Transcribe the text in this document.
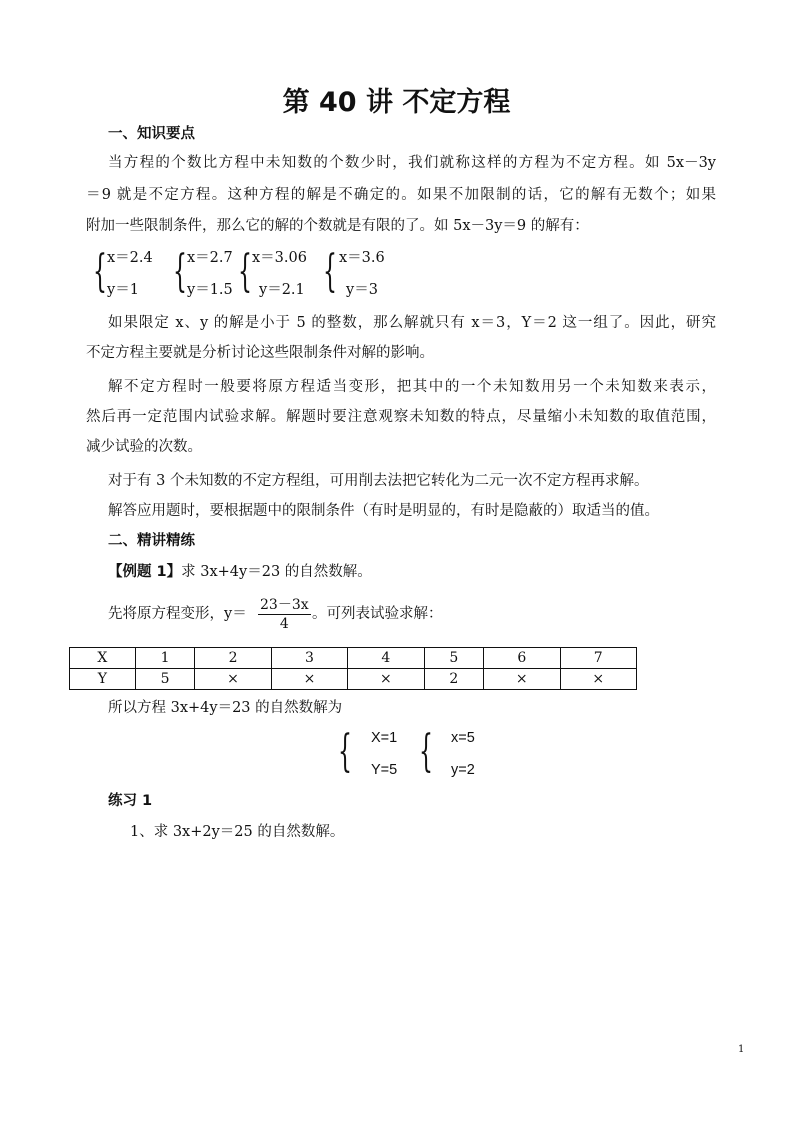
第 40 讲 不定方程
一、知识要点
当方程的个数比方程中未知数的个数少时，我们就称这样的方程为不定方程。如 5x－3y
＝9 就是不定方程。这种方程的解是不确定的。如果不加限制的话，它的解有无数个；如果
附加一些限制条件，那么它的解的个数就是有限的了。如 5x－3y＝9 的解有：
{ x＝2.4
y＝1 { x＝2.7
y＝1.5 { x＝3.06
y＝2.1 { x＝3.6
y＝3
如果限定 x、y 的解是小于 5 的整数，那么解就只有 x＝3，Y＝2 这一组了。因此，研究
不定方程主要就是分析讨论这些限制条件对解的影响。
解不定方程时一般要将原方程适当变形，把其中的一个未知数用另一个未知数来表示，
然后再一定范围内试验求解。解题时要注意观察未知数的特点，尽量缩小未知数的取值范围，
减少试验的次数。
对于有 3 个未知数的不定方程组，可用削去法把它转化为二元一次不定方程再求解。
解答应用题时，要根据题中的限制条件（有时是明显的，有时是隐蔽的）取适当的值。
二、精讲精练
【例题 1】求 3x+4y＝23 的自然数解。
先将原方程变形，$y= \frac{23-3x}{4}$ 。可列表试验求解：
X	1	2	3	4	5	6	7
Y	5	×	×	×	2	×	×
所以方程 3x+4y＝23 的自然数解为
{ X=1
Y=5 { x=5
y=2
练习 1
1、求 3x+2y＝25 的自然数解。
1
